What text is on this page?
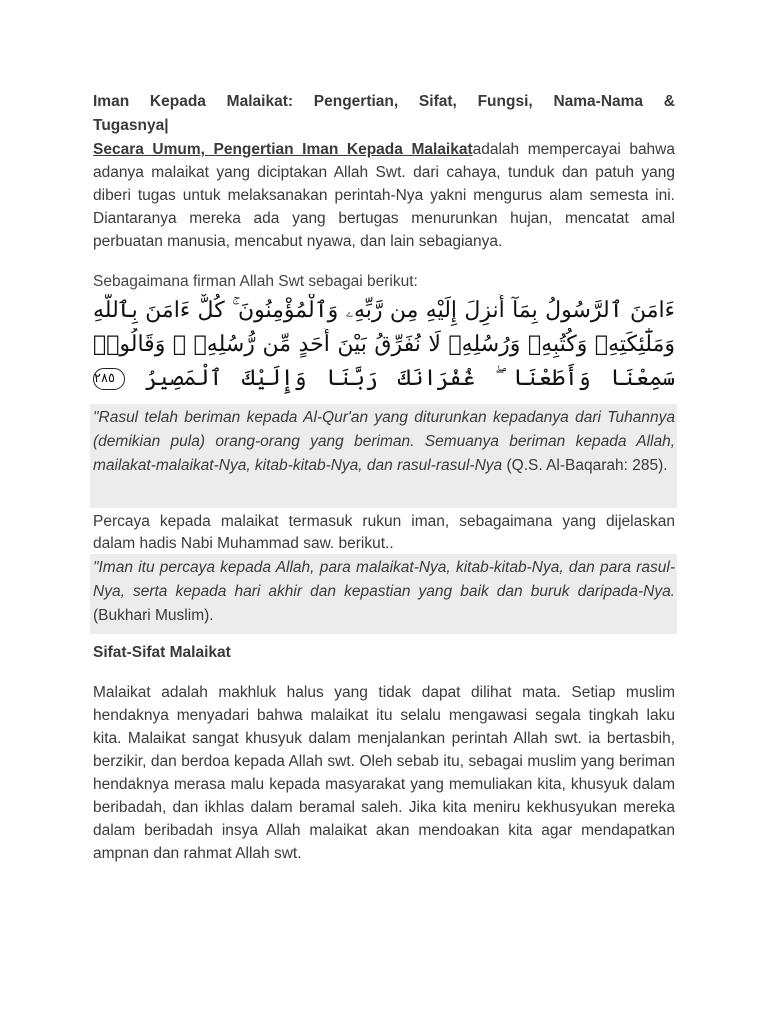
Iman Kepada Malaikat: Pengertian, Sifat, Fungsi, Nama-Nama & Tugasnya|
Secara Umum, Pengertian Iman Kepada Malaikatadalah mempercayai bahwa adanya malaikat yang diciptakan Allah Swt. dari cahaya, tunduk dan patuh yang diberi tugas untuk melaksanakan perintah-Nya yakni mengurus alam semesta ini. Diantaranya mereka ada yang bertugas menurunkan hujan, mencatat amal perbuatan manusia, mencabut nyawa, dan lain sebagianya.
Sebagaimana firman Allah Swt sebagai berikut:
ءَامَنَ ٱلرَّسُولُ بِمَآ أُنزِلَ إِلَيْهِ مِن رَّبِّهِۦ وَٱلْمُؤْمِنُونَ ۚ كُلٌّ ءَامَنَ بِٱللَّهِ
وَمَلَٰٓئِكَتِهِۦ وَكُتُبِهِۦ وَرُسُلِهِۦ لَا نُفَرِّقُ بَيْنَ أَحَدٍ مِّن رُّسُلِهِۦ ۚ وَقَالُوا۟
سَمِعْنَا وَأَطَعْنَا ۖ غُفْرَانَكَ رَبَّنَا وَإِلَيْكَ ٱلْمَصِيرُ ٢٨٥
"Rasul telah beriman kepada Al-Qur'an yang diturunkan kepadanya dari Tuhannya (demikian pula) orang-orang yang beriman. Semuanya beriman kepada Allah, mailakat-malaikat-Nya, kitab-kitab-Nya, dan rasul-rasul-Nya (Q.S. Al-Baqarah: 285).
Percaya kepada malaikat termasuk rukun iman, sebagaimana yang dijelaskan dalam hadis Nabi Muhammad saw. berikut..
"Iman itu percaya kepada Allah, para malaikat-Nya, kitab-kitab-Nya, dan para rasul-Nya, serta kepada hari akhir dan kepastian yang baik dan buruk daripada-Nya.(Bukhari Muslim).
Sifat-Sifat Malaikat
Malaikat adalah makhluk halus yang tidak dapat dilihat mata. Setiap muslim hendaknya menyadari bahwa malaikat itu selalu mengawasi segala tingkah laku kita. Malaikat sangat khusyuk dalam menjalankan perintah Allah swt. ia bertasbih, berzikir, dan berdoa kepada Allah swt. Oleh sebab itu, sebagai muslim yang beriman hendaknya merasa malu kepada masyarakat yang memuliakan kita, khusyuk dalam beribadah, dan ikhlas dalam beramal saleh. Jika kita meniru kekhusyukan mereka dalam beribadah insya Allah malaikat akan mendoakan kita agar mendapatkan ampnan dan rahmat Allah swt.
